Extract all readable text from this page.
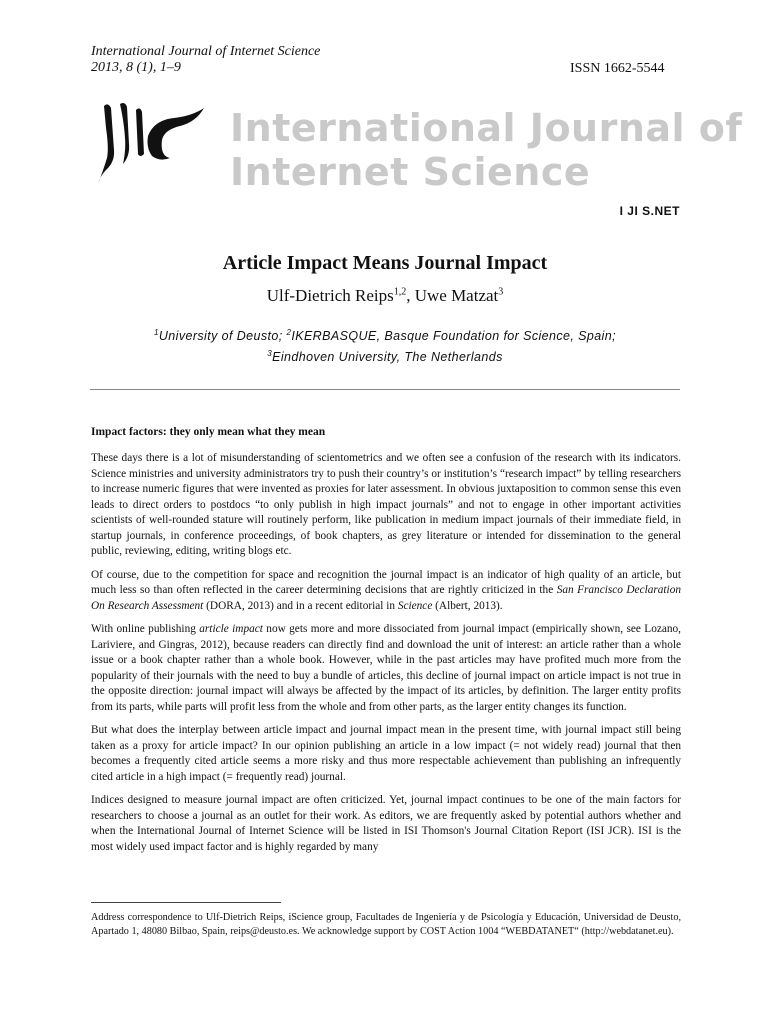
International Journal of Internet Science
2013, 8 (1), 1–9	ISSN 1662-5544
International Journal of
Internet Science
I JI S.NET
Article Impact Means Journal Impact
Ulf-Dietrich Reips$^{1,2}$, Uwe Matzat$^3$
$^1$University of Deusto; $^2$IKERBASQUE, Basque Foundation for Science, Spain;
$^3$Eindhoven University, The Netherlands
Impact factors: they only mean what they mean

These days there is a lot of misunderstanding of scientometrics and we often see a confusion of the research with its indicators. Science ministries and university administrators try to push their country’s or institution’s “research impact” by telling researchers to increase numeric figures that were invented as proxies for later assessment. In obvious juxtaposition to common sense this even leads to direct orders to postdocs “to only publish in high impact journals” and not to engage in other important activities scientists of well-rounded stature will routinely perform, like publication in medium impact journals of their immediate field, in startup journals, in conference proceedings, of book chapters, as grey literature or intended for dissemination to the general public, reviewing, editing, writing blogs etc.

Of course, due to the competition for space and recognition the journal impact is an indicator of high quality of an article, but much less so than often reflected in the career determining decisions that are rightly criticized in the San Francisco Declaration On Research Assessment (DORA, 2013) and in a recent editorial in Science (Albert, 2013).

With online publishing article impact now gets more and more dissociated from journal impact (empirically shown, see Lozano, Lariviere, and Gingras, 2012), because readers can directly find and download the unit of interest: an article rather than a whole issue or a book chapter rather than a whole book. However, while in the past articles may have profited much more from the popularity of their journals with the need to buy a bundle of articles, this decline of journal impact on article impact is not true in the opposite direction: journal impact will always be affected by the impact of its articles, by definition. The larger entity profits from its parts, while parts will profit less from the whole and from other parts, as the larger entity changes its function.

But what does the interplay between article impact and journal impact mean in the present time, with journal impact still being taken as a proxy for article impact? In our opinion publishing an article in a low impact (= not widely read) journal that then becomes a frequently cited article seems a more risky and thus more respectable achievement than publishing an infrequently cited article in a high impact (= frequently read) journal.

Indices designed to measure journal impact are often criticized. Yet, journal impact continues to be one of the main factors for researchers to choose a journal as an outlet for their work. As editors, we are frequently asked by potential authors whether and when the International Journal of Internet Science will be listed in ISI Thomson's Journal Citation Report (ISI JCR). ISI is the most widely used impact factor and is highly regarded by many

Address correspondence to Ulf-Dietrich Reips, iScience group, Facultades de Ingeniería y de Psicología y Educación, Universidad de Deusto, Apartado 1, 48080 Bilbao, Spain, reips@deusto.es. We acknowledge support by COST Action 1004 “WEBDATANET“ (http://webdatanet.eu).
